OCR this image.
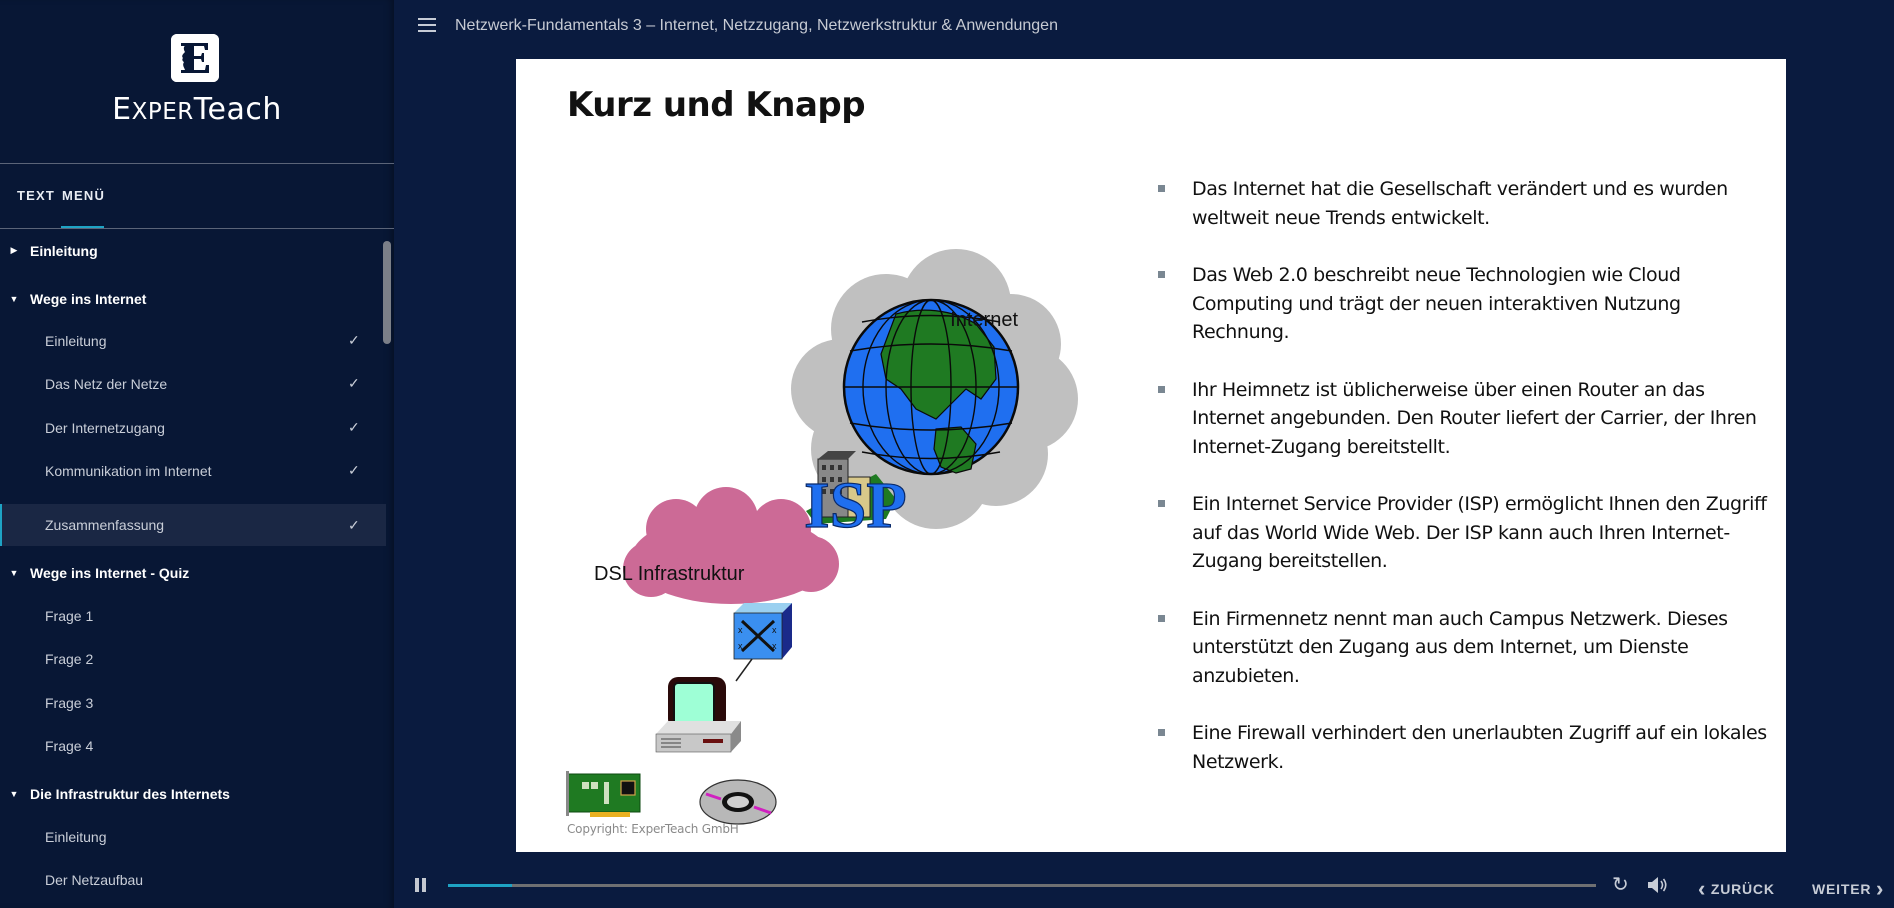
EXPERTeach
TEXT MENÜ
▶ Einleitung
▼ Wege ins Internet
Einleitung	✓
Das Netz der Netze	✓
Der Internetzugang	✓
Kommunikation im Internet	✓
Zusammenfassung	✓
▼ Wege ins Internet - Quiz
Frage 1
Frage 2
Frage 3
Frage 4
▼ Die Infrastruktur des Internets
Einleitung
Der Netzaufbau
Netzwerk-Fundamentals 3 – Internet, Netzzugang, Netzwerkstruktur & Anwendungen
Kurz und Knapp
ISP
x
x
x
x
Internet
DSL Infrastruktur
Das Internet hat die Gesellschaft verändert und es wurden weltweit neue Trends entwickelt.
Das Web 2.0 beschreibt neue Technologien wie Cloud Computing und trägt der neuen interaktiven Nutzung Rechnung.
Ihr Heimnetz ist üblicherweise über einen Router an das Internet angebunden. Den Router liefert der Carrier, der Ihren Internet-Zugang bereitstellt.
Ein Internet Service Provider (ISP) ermöglicht Ihnen den Zugriff auf das World Wide Web. Der ISP kann auch Ihren Internet-Zugang bereitstellen.
Ein Firmennetz nennt man auch Campus Netzwerk. Dieses unterstützt den Zugang aus dem Internet, um Dienste anzubieten.
Eine Firewall verhindert den unerlaubten Zugriff auf ein lokales Netzwerk.
Copyright: ExperTeach GmbH
↻	‹ ZURÜCK	WEITER ›
